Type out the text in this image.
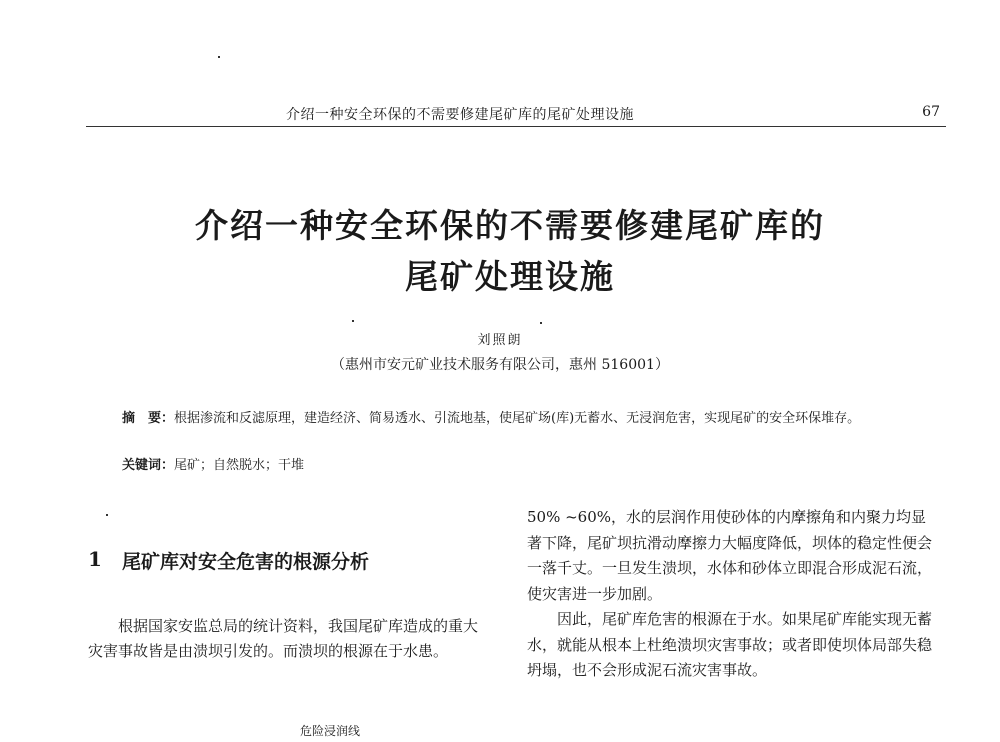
介绍一种安全环保的不需要修建尾矿库的尾矿处理设施	67
介绍一种安全环保的不需要修建尾矿库的
尾矿处理设施
刘照朗
（惠州市安元矿业技术服务有限公司，惠州 516001）
摘　要：根据渗流和反滤原理，建造经济、简易透水、引流地基，使尾矿场(库)无蓄水、无浸润危害，实现尾矿的安全环保堆存。
关键词：尾矿；自然脱水；干堆
1 尾矿库对安全危害的根源分析
根据国家安监总局的统计资料，我国尾矿库造成的重大灾害事故皆是由溃坝引发的。而溃坝的根源在于水患。

50% ~60%，水的层润作用使砂体的内摩擦角和内聚力均显著下降，尾矿坝抗滑动摩擦力大幅度降低，坝体的稳定性便会一落千丈。一旦发生溃坝，水体和砂体立即混合形成泥石流，使灾害进一步加剧。

因此，尾矿库危害的根源在于水。如果尾矿库能实现无蓄水，就能从根本上杜绝溃坝灾害事故；或者即使坝体局部失稳坍塌，也不会形成泥石流灾害事故。

危险浸润线
